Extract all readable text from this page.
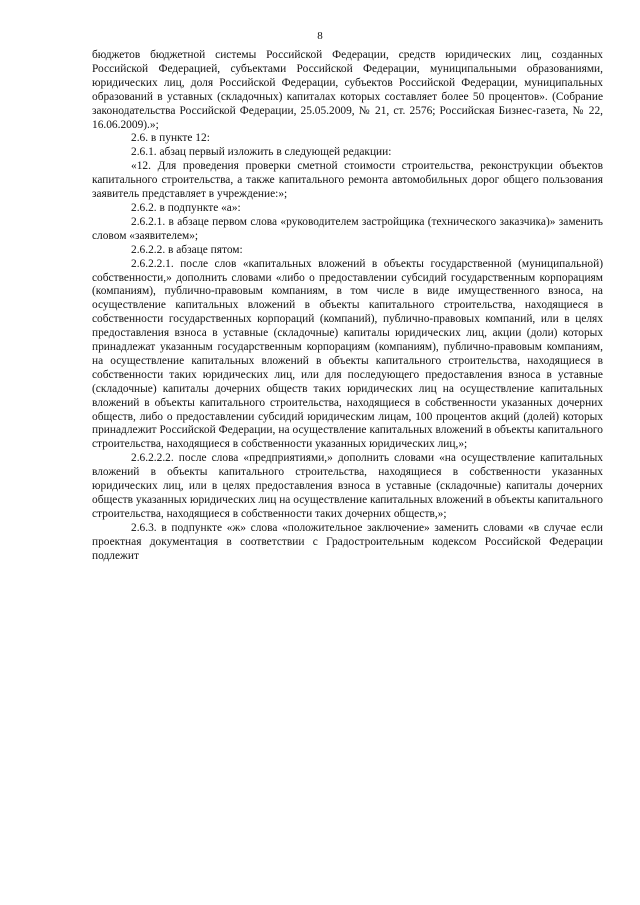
8

бюджетов бюджетной системы Российской Федерации, средств юридических лиц, созданных Российской Федерацией, субъектами Российской Федерации, муниципальными образованиями, юридических лиц, доля Российской Федерации, субъектов Российской Федерации, муниципальных образований в уставных (складочных) капиталах которых составляет более 50 процентов». (Собрание законодательства Российской Федерации, 25.05.2009, № 21, ст. 2576; Российская Бизнес-газета, № 22, 16.06.2009).»;

2.6. в пункте 12:

2.6.1. абзац первый изложить в следующей редакции:

«12. Для проведения проверки сметной стоимости строительства, реконструкции объектов капитального строительства, а также капитального ремонта автомобильных дорог общего пользования заявитель представляет в учреждение:»;

2.6.2. в подпункте «а»:

2.6.2.1. в абзаце первом слова «руководителем застройщика (технического заказчика)» заменить словом «заявителем»;

2.6.2.2. в абзаце пятом:

2.6.2.2.1. после слов «капитальных вложений в объекты государственной (муниципальной) собственности,» дополнить словами «либо о предоставлении субсидий государственным корпорациям (компаниям), публично-правовым компаниям, в том числе в виде имущественного взноса, на осуществление капитальных вложений в объекты капитального строительства, находящиеся в собственности государственных корпораций (компаний), публично-правовых компаний, или в целях предоставления взноса в уставные (складочные) капиталы юридических лиц, акции (доли) которых принадлежат указанным государственным корпорациям (компаниям), публично-правовым компаниям, на осуществление капитальных вложений в объекты капитального строительства, находящиеся в собственности таких юридических лиц, или для последующего предоставления взноса в уставные (складочные) капиталы дочерних обществ таких юридических лиц на осуществление капитальных вложений в объекты капитального строительства, находящиеся в собственности указанных дочерних обществ, либо о предоставлении субсидий юридическим лицам, 100 процентов акций (долей) которых принадлежит Российской Федерации, на осуществление капитальных вложений в объекты капитального строительства, находящиеся в собственности указанных юридических лиц,»;

2.6.2.2.2. после слова «предприятиями,» дополнить словами «на осуществление капитальных вложений в объекты капитального строительства, находящиеся в собственности указанных юридических лиц, или в целях предоставления взноса в уставные (складочные) капиталы дочерних обществ указанных юридических лиц на осуществление капитальных вложений в объекты капитального строительства, находящиеся в собственности таких дочерних обществ,»;

2.6.3. в подпункте «ж» слова «положительное заключение» заменить словами «в случае если проектная документация в соответствии с Градостроительным кодексом Российской Федерации подлежит
